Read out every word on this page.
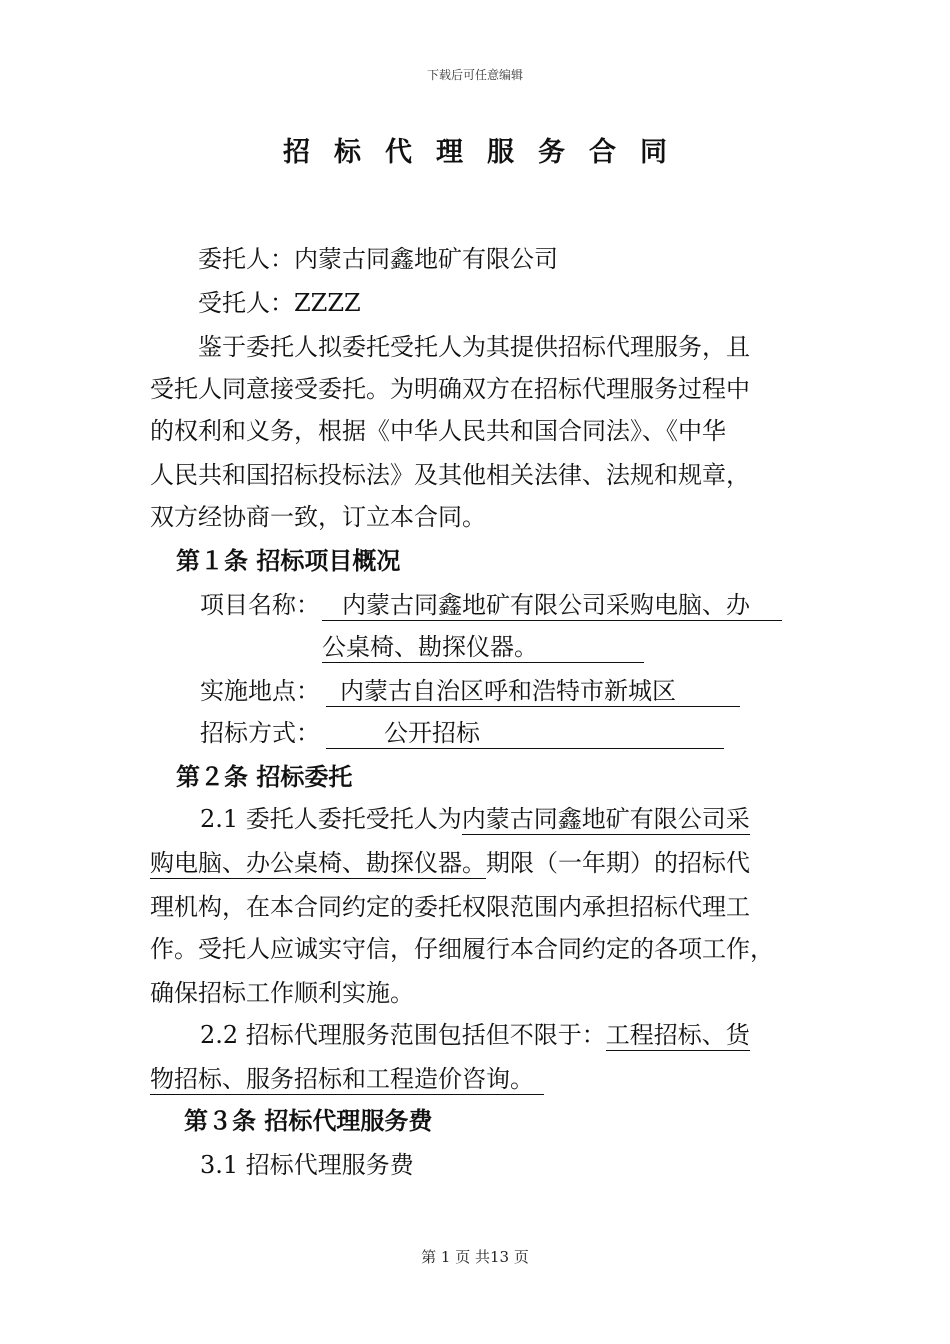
下载后可任意编辑
招标代理服务合同
委托人：内蒙古同鑫地矿有限公司
受托人：ZZZZ
鉴于委托人拟委托受托人为其提供招标代理服务，且
受托人同意接受委托。为明确双方在招标代理服务过程中
的权利和义务，根据《中华人民共和国合同法》、《中华
人民共和国招标投标法》及其他相关法律、法规和规章，
双方经协商一致，订立本合同。
第１条 招标项目概况
项目名称： 内蒙古同鑫地矿有限公司采购电脑、办
公桌椅、勘探仪器。
实施地点： 内蒙古自治区呼和浩特市新城区
招标方式：	公开招标
第２条 招标委托
2.1 委托人委托受托人为内蒙古同鑫地矿有限公司采
购电脑、办公桌椅、勘探仪器。期限（一年期）的招标代
理机构，在本合同约定的委托权限范围内承担招标代理工
作。受托人应诚实守信，仔细履行本合同约定的各项工作，
确保招标工作顺利实施。
2.2 招标代理服务范围包括但不限于：工程招标、货
物招标、服务招标和工程造价咨询。
第３条 招标代理服务费
3.1 招标代理服务费
第 1 页 共13 页
